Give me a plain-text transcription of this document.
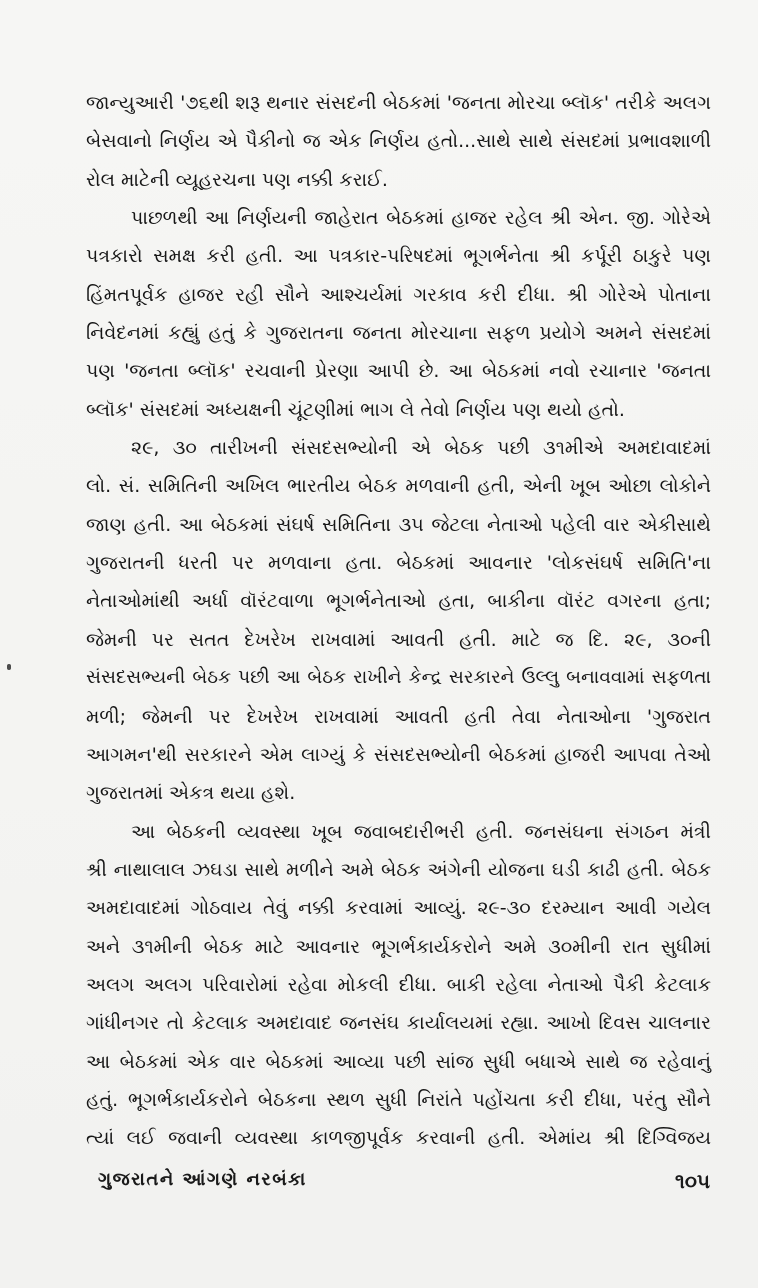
જાન્યુઆરી '૭૬થી શરૂ થનાર સંસદની બેઠકમાં 'જનતા મોરચા બ્લૉક' તરીકે અલગ
બેસવાનો નિર્ણય એ પૈકીનો જ એક નિર્ણય હતો...સાથે સાથે સંસદમાં પ્રભાવશાળી
રોલ માટેની વ્યૂહરચના પણ નક્કી કરાઈ.

પાછળથી આ નિર્ણયની જાહેરાત બેઠકમાં હાજર રહેલ શ્રી એન. જી. ગોરેએ
પત્રકારો સમક્ષ કરી હતી. આ પત્રકાર-પરિષદમાં ભૂગર્ભનેતા શ્રી કર્પૂરી ઠાકુરે પણ
હિંમતપૂર્વક હાજર રહી સૌને આશ્ચર્યમાં ગરકાવ કરી દીધા. શ્રી ગોરેએ પોતાના
નિવેદનમાં કહ્યું હતું કે ગુજરાતના જનતા મોરચાના સફળ પ્રયોગે અમને સંસદમાં
પણ 'જનતા બ્લૉક' રચવાની પ્રેરણા આપી છે. આ બેઠકમાં નવો રચાનાર 'જનતા
બ્લૉક' સંસદમાં અધ્યક્ષની ચૂંટણીમાં ભાગ લે તેવો નિર્ણય પણ થયો હતો.

૨૯, ૩૦ તારીખની સંસદસભ્યોની એ બેઠક પછી ૩૧મીએ અમદાવાદમાં
લો. સં. સમિતિની અખિલ ભારતીય બેઠક મળવાની હતી, એની ખૂબ ઓછા લોકોને
જાણ હતી. આ બેઠકમાં સંઘર્ષ સમિતિના ૩૫ જેટલા નેતાઓ પહેલી વાર એકીસાથે
ગુજરાતની ધરતી પર મળવાના હતા. બેઠકમાં આવનાર 'લોકસંઘર્ષ સમિતિ'ના
નેતાઓમાંથી અર્ધા વૉરંટવાળા ભૂગર્ભનેતાઓ હતા, બાકીના વૉરંટ વગરના હતા;
જેમની પર સતત દેખરેખ રાખવામાં આવતી હતી. માટે જ દિ. ૨૯, ૩૦ની
સંસદસભ્યની બેઠક પછી આ બેઠક રાખીને કેન્દ્ર સરકારને ઉલ્લુ બનાવવામાં સફળતા
મળી; જેમની પર દેખરેખ રાખવામાં આવતી હતી તેવા નેતાઓના 'ગુજરાત
આગમન'થી સરકારને એમ લાગ્યું કે સંસદસભ્યોની બેઠકમાં હાજરી આપવા તેઓ
ગુજરાતમાં એકત્ર થયા હશે.

આ બેઠકની વ્યવસ્થા ખૂબ જવાબદારીભરી હતી. જનસંઘના સંગઠન મંત્રી
શ્રી નાથાલાલ ઝઘડા સાથે મળીને અમે બેઠક અંગેની યોજના ઘડી કાઢી હતી. બેઠક
અમદાવાદમાં ગોઠવાય તેવું નક્કી કરવામાં આવ્યું. ૨૯-૩૦ દરમ્યાન આવી ગયેલ
અને ૩૧મીની બેઠક માટે આવનાર ભૂગર્ભકાર્યકરોને અમે ૩૦મીની રાત સુધીમાં
અલગ અલગ પરિવારોમાં રહેવા મોકલી દીધા. બાકી રહેલા નેતાઓ પૈકી કેટલાક
ગાંધીનગર તો કેટલાક અમદાવાદ જનસંઘ કાર્યાલયમાં રહ્યા. આખો દિવસ ચાલનાર
આ બેઠકમાં એક વાર બેઠકમાં આવ્યા પછી સાંજ સુધી બધાએ સાથે જ રહેવાનું
હતું. ભૂગર્ભકાર્યકરોને બેઠકના સ્થળ સુધી નિરાંતે પહોંચતા કરી દીધા, પરંતુ સૌને
ત્યાં લઈ જવાની વ્યવસ્થા કાળજીપૂર્વક કરવાની હતી. એમાંય શ્રી દિગ્વિજય

ગુજરાતને આંગણે નરબંકા	૧૦૫
